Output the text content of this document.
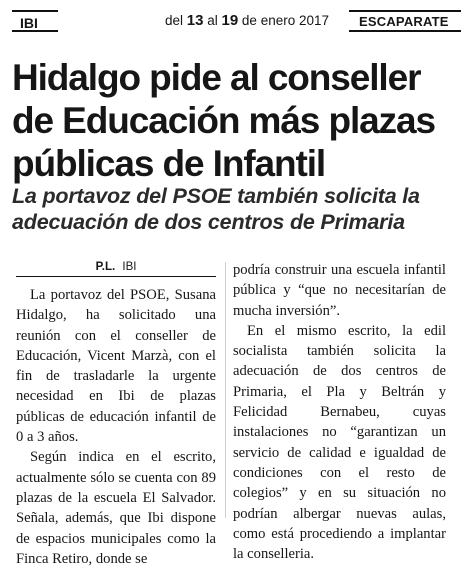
IBI	del 13 al 19 de enero 2017	ESCAPARATE
Hidalgo pide al conseller de Educación más plazas públicas de Infantil
La portavoz del PSOE también solicita la adecuación de dos centros de Primaria
P.L. IBI

La portavoz del PSOE, Susana Hidalgo, ha solicitado una reunión con el conseller de Educación, Vicent Marzà, con el fin de trasladarle la urgente necesidad en Ibi de plazas públicas de educación infantil de 0 a 3 años.

Según indica en el escrito, actualmente sólo se cuenta con 89 plazas de la escuela El Salvador. Señala, además, que Ibi dispone de espacios municipales como la Finca Retiro, donde se

podría construir una escuela infantil pública y “que no necesitarían de mucha inversión”.

En el mismo escrito, la edil socialista también solicita la adecuación de dos centros de Primaria, el Pla y Beltrán y Felicidad Bernabeu, cuyas instalaciones no “garantizan un servicio de calidad e igualdad de condiciones con el resto de colegios” y en su situación no podrían albergar nuevas aulas, como está procediendo a implantar la conselleria.
